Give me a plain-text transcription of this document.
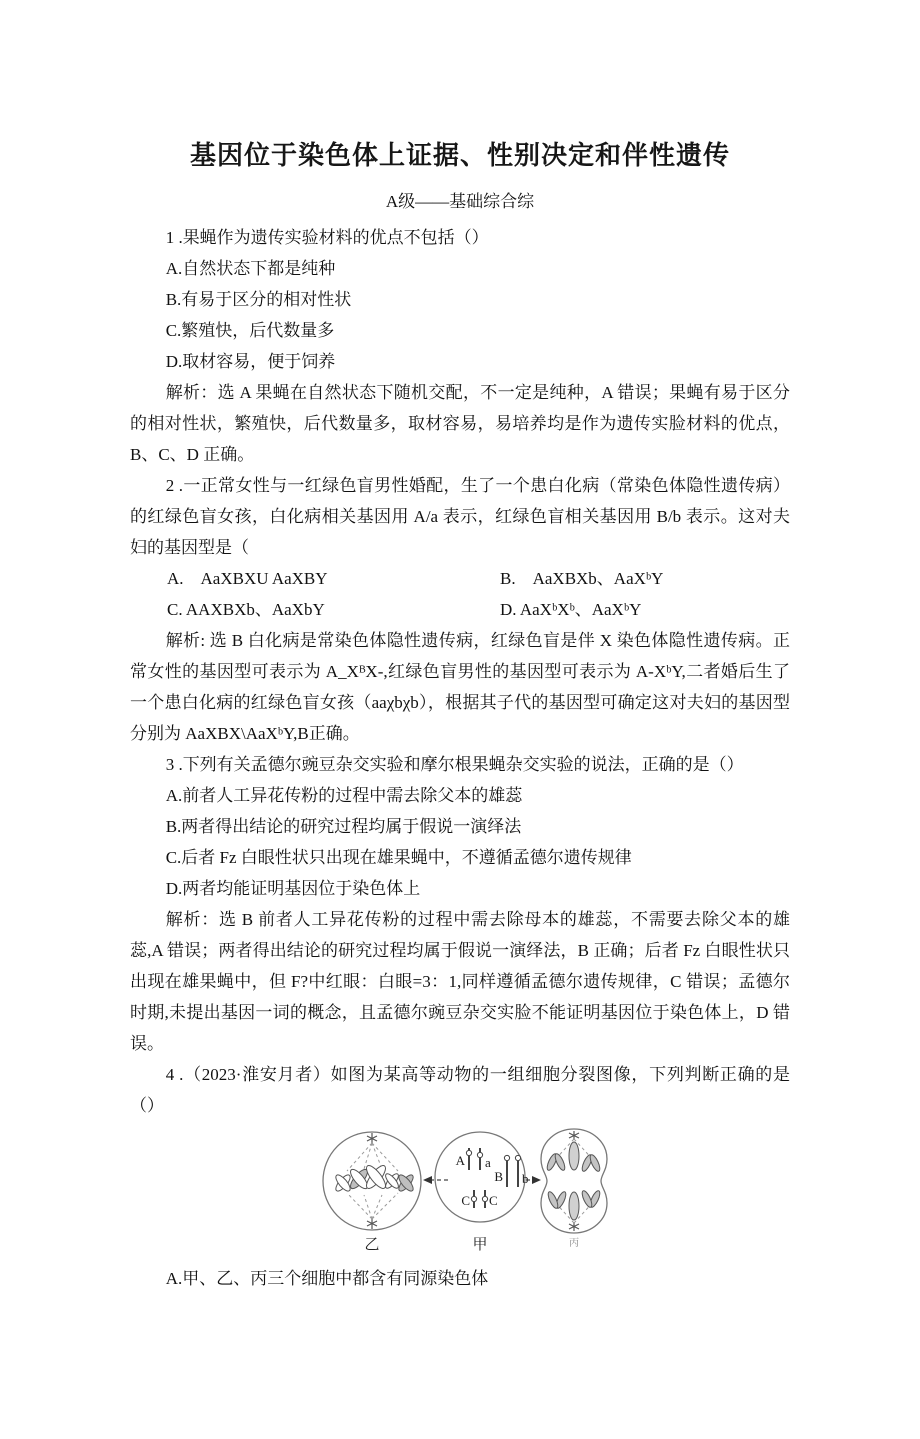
基因位于染色体上证据、性别决定和伴性遗传
A级——基础综合综

1 .果蝇作为遗传实验材料的优点不包括（）

A.自然状态下都是纯种

B.有易于区分的相对性状

C.繁殖快，后代数量多

D.取材容易，便于饲养

解析：选 A 果蝇在自然状态下随机交配，不一定是纯种，A 错误；果蝇有易于区分的相对性状，繁殖快，后代数量多，取材容易，易培养均是作为遗传实脸材料的优点，B、C、D 正确。

2 .一正常女性与一红绿色盲男性婚配，生了一个患白化病（常染色体隐性遗传病）的红绿色盲女孩，白化病相关基因用 A/a 表示，红绿色盲相关基因用 B/b 表示。这对夫妇的基因型是（

A.　AaXBXU AaXBY	B.　AaXBXb、AaXᵇY

C. AAXBXb、AaXbY	D. AaXᵇXᵇ、AaXᵇY

解析: 选 B 白化病是常染色体隐性遗传病，红绿色盲是伴 X 染色体隐性遗传病。正常女性的基因型可表示为 A_XᴮX-,红绿色盲男性的基因型可表示为 A-XᵇY,二者婚后生了一个患白化病的红绿色盲女孩（aaχbχb），根据其子代的基因型可确定这对夫妇的基因型分别为 AaXBX\AaXᵇY,B正确。

3 .下列有关孟德尔豌豆杂交实验和摩尔根果蝇杂交实验的说法，正确的是（）

A.前者人工异花传粉的过程中需去除父本的雄蕊

B.两者得出结论的研究过程均属于假说一演绎法

C.后者 Fz 白眼性状只出现在雄果蝇中，不遵循孟德尔遗传规律

D.两者均能证明基因位于染色体上

解析：选 B 前者人工异花传粉的过程中需去除母本的雄蕊，不需要去除父本的雄蕊,A 错误；两者得出结论的研究过程均属于假说一演绎法，B 正确；后者 Fz 白眼性状只出现在雄果蝇中，但 F?中红眼：白眼=3：1,同样遵循孟德尔遗传规律，C 错误；孟德尔时期,未提出基因一词的概念，且孟德尔豌豆杂交实脸不能证明基因位于染色体上，D 错误。

4 .（2023·淮安月者）如图为某高等动物的一组细胞分裂图像，下列判断正确的是（）

A a
B b
C C
乙	甲	丙

A.甲、乙、丙三个细胞中都含有同源染色体
